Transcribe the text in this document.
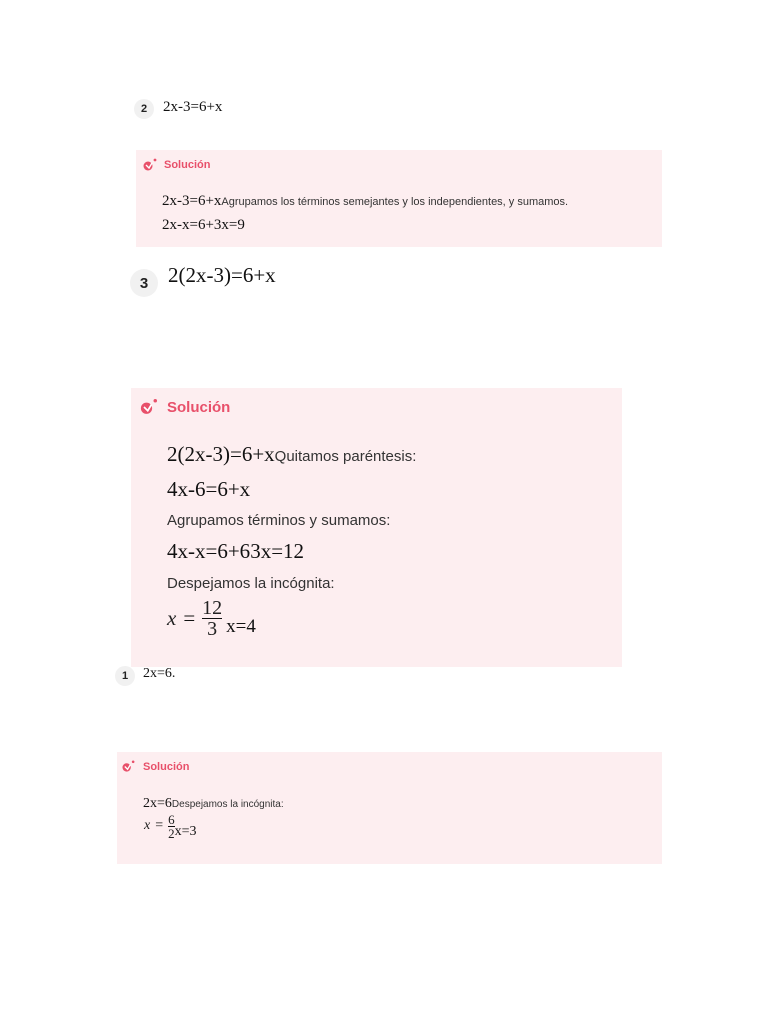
2 2x-3=6+x
Solución
2x-3=6+xAgrupamos los términos semejantes y los independientes, y sumamos.
2x-x=6+3x=9
3 2(2x-3)=6+x
Solución
2(2x-3)=6+xQuitamos paréntesis:
4x-6=6+x
Agrupamos términos y sumamos:
4x-x=6+63x=12
Despejamos la incógnita:
$x = \frac{12}{3} x=4$
1 2x=6.
Solución
2x=6Despejamos la incógnita:
$x = \frac{6}{2} x=3$
